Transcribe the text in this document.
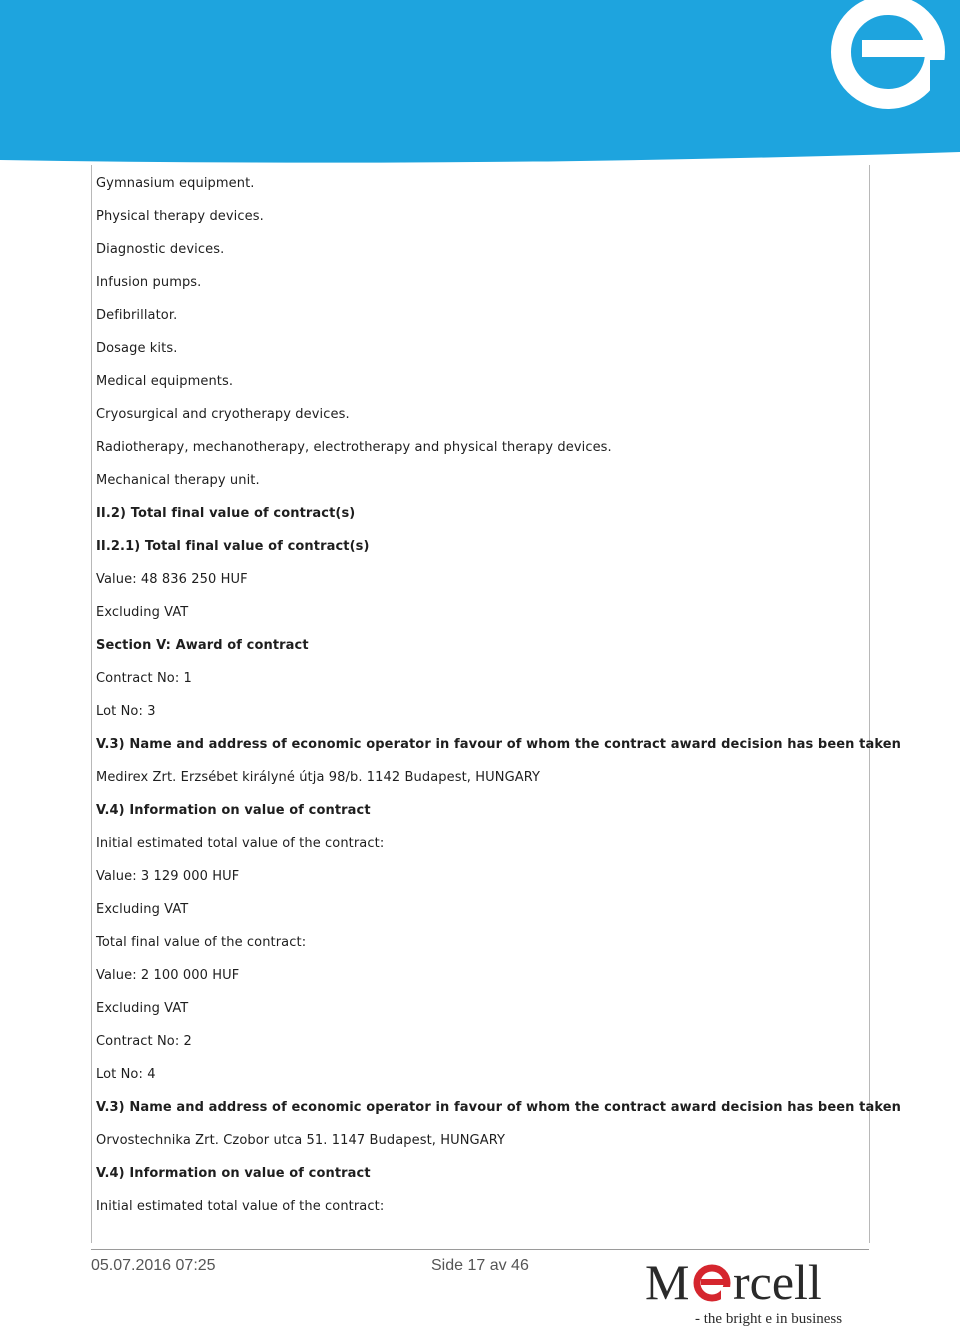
Gymnasium equipment.
Physical therapy devices.
Diagnostic devices.
Infusion pumps.
Defibrillator.
Dosage kits.
Medical equipments.
Cryosurgical and cryotherapy devices.
Radiotherapy, mechanotherapy, electrotherapy and physical therapy devices.
Mechanical therapy unit.
II.2) Total final value of contract(s)
II.2.1) Total final value of contract(s)
Value: 48 836 250 HUF
Excluding VAT
Section V: Award of contract
Contract No: 1
Lot No: 3
V.3) Name and address of economic operator in favour of whom the contract award decision has been taken
Medirex Zrt. Erzsébet királyné útja 98/b. 1142 Budapest, HUNGARY
V.4) Information on value of contract
Initial estimated total value of the contract:
Value: 3 129 000 HUF
Excluding VAT
Total final value of the contract:
Value: 2 100 000 HUF
Excluding VAT
Contract No: 2
Lot No: 4
V.3) Name and address of economic operator in favour of whom the contract award decision has been taken
Orvostechnika Zrt. Czobor utca 51. 1147 Budapest, HUNGARY
V.4) Information on value of contract
Initial estimated total value of the contract:
05.07.2016 07:25	Side 17 av 46 M rcell
- the bright e in business
